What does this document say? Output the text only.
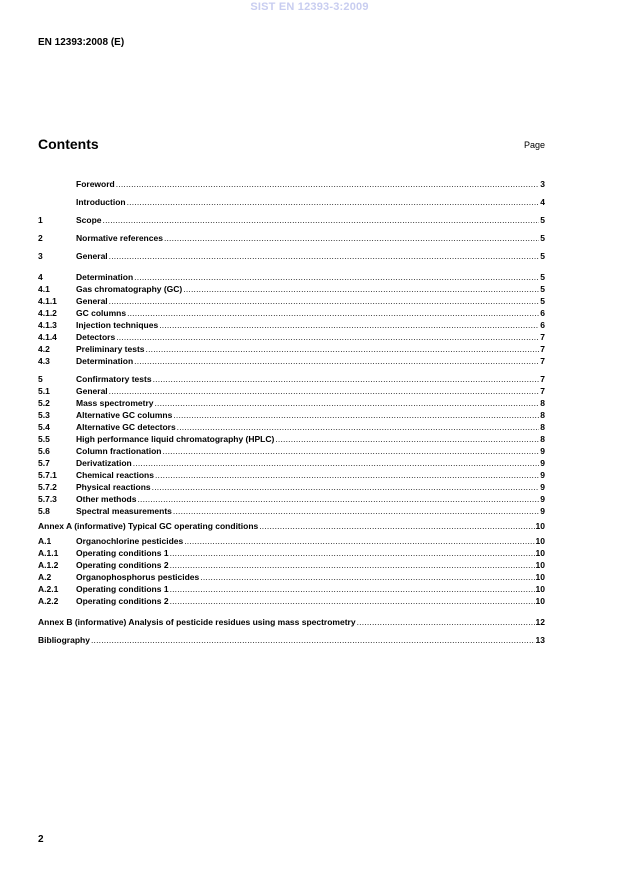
SIST EN 12393-3:2009
EN 12393:2008 (E)
Contents	Page
Foreword .....	3
Introduction .....	4
1	Scope .....	5
2	Normative references .....	5
3	General .....	5
4	Determination .....	5
4.1	Gas chromatography (GC) .....	5
4.1.1	General .....	5
4.1.2	GC columns .....	6
4.1.3	Injection techniques .....	6
4.1.4	Detectors .....	7
4.2	Preliminary tests .....	7
4.3	Determination .....	7
5	Confirmatory tests .....	7
5.1	General .....	7
5.2	Mass spectrometry .....	8
5.3	Alternative GC columns .....	8
5.4	Alternative GC detectors .....	8
5.5	High performance liquid chromatography (HPLC) .....	8
5.6	Column fractionation .....	9
5.7	Derivatization .....	9
5.7.1	Chemical reactions .....	9
5.7.2	Physical reactions .....	9
5.7.3	Other methods .....	9
5.8	Spectral measurements .....	9
Annex A (informative) Typical GC operating conditions .....	10
A.1	Organochlorine pesticides .....	10
A.1.1	Operating conditions 1 .....	10
A.1.2	Operating conditions 2 .....	10
A.2	Organophosphorus pesticides .....	10
A.2.1	Operating conditions 1 .....	10
A.2.2	Operating conditions 2 .....	10
Annex B (informative) Analysis of pesticide residues using mass spectrometry .....	12
Bibliography .....	13
2
